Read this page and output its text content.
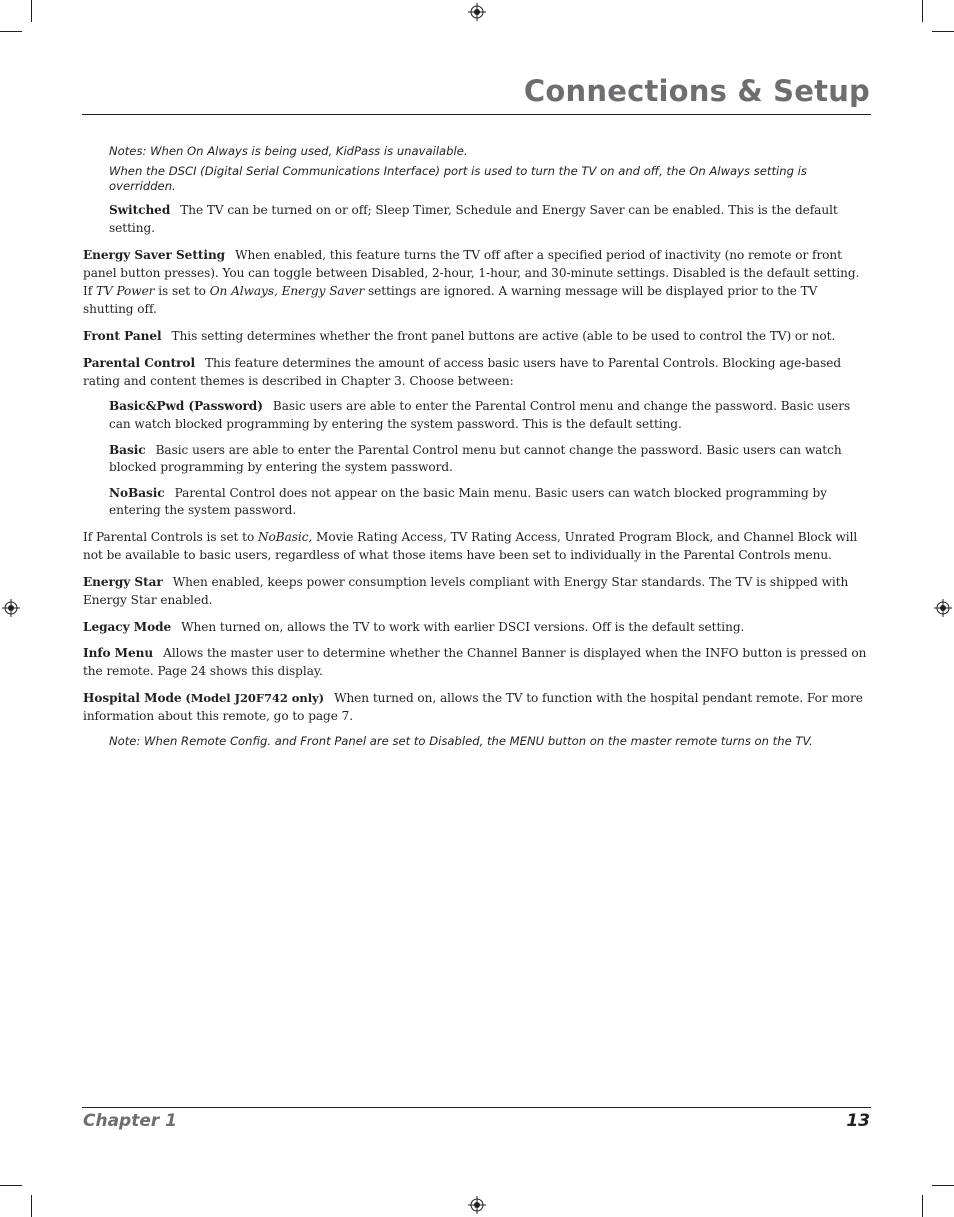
Connections & Setup

Notes: When On Always is being used, KidPass is unavailable.

When the DSCI (Digital Serial Communications Interface) port is used to turn the TV on and off, the On Always setting is overridden.

Switched The TV can be turned on or off; Sleep Timer, Schedule and Energy Saver can be enabled. This is the default setting.

Energy Saver Setting When enabled, this feature turns the TV off after a specified period of inactivity (no remote or front panel button presses). You can toggle between Disabled, 2-hour, 1-hour, and 30-minute settings. Disabled is the default setting. If TV Power is set to On Always, Energy Saver settings are ignored. A warning message will be displayed prior to the TV shutting off.

Front Panel This setting determines whether the front panel buttons are active (able to be used to control the TV) or not.

Parental Control This feature determines the amount of access basic users have to Parental Controls. Blocking age-based rating and content themes is described in Chapter 3. Choose between:

Basic&Pwd (Password) Basic users are able to enter the Parental Control menu and change the password. Basic users can watch blocked programming by entering the system password. This is the default setting.

Basic Basic users are able to enter the Parental Control menu but cannot change the password. Basic users can watch blocked programming by entering the system password.

NoBasic Parental Control does not appear on the basic Main menu. Basic users can watch blocked programming by entering the system password.

If Parental Controls is set to NoBasic, Movie Rating Access, TV Rating Access, Unrated Program Block, and Channel Block will not be available to basic users, regardless of what those items have been set to individually in the Parental Controls menu.

Energy Star When enabled, keeps power consumption levels compliant with Energy Star standards. The TV is shipped with Energy Star enabled.

Legacy Mode When turned on, allows the TV to work with earlier DSCI versions. Off is the default setting.

Info Menu Allows the master user to determine whether the Channel Banner is displayed when the INFO button is pressed on the remote. Page 24 shows this display.

Hospital Mode (Model J20F742 only) When turned on, allows the TV to function with the hospital pendant remote. For more information about this remote, go to page 7.

Note: When Remote Config. and Front Panel are set to Disabled, the MENU button on the master remote turns on the TV.

Chapter 1	13
